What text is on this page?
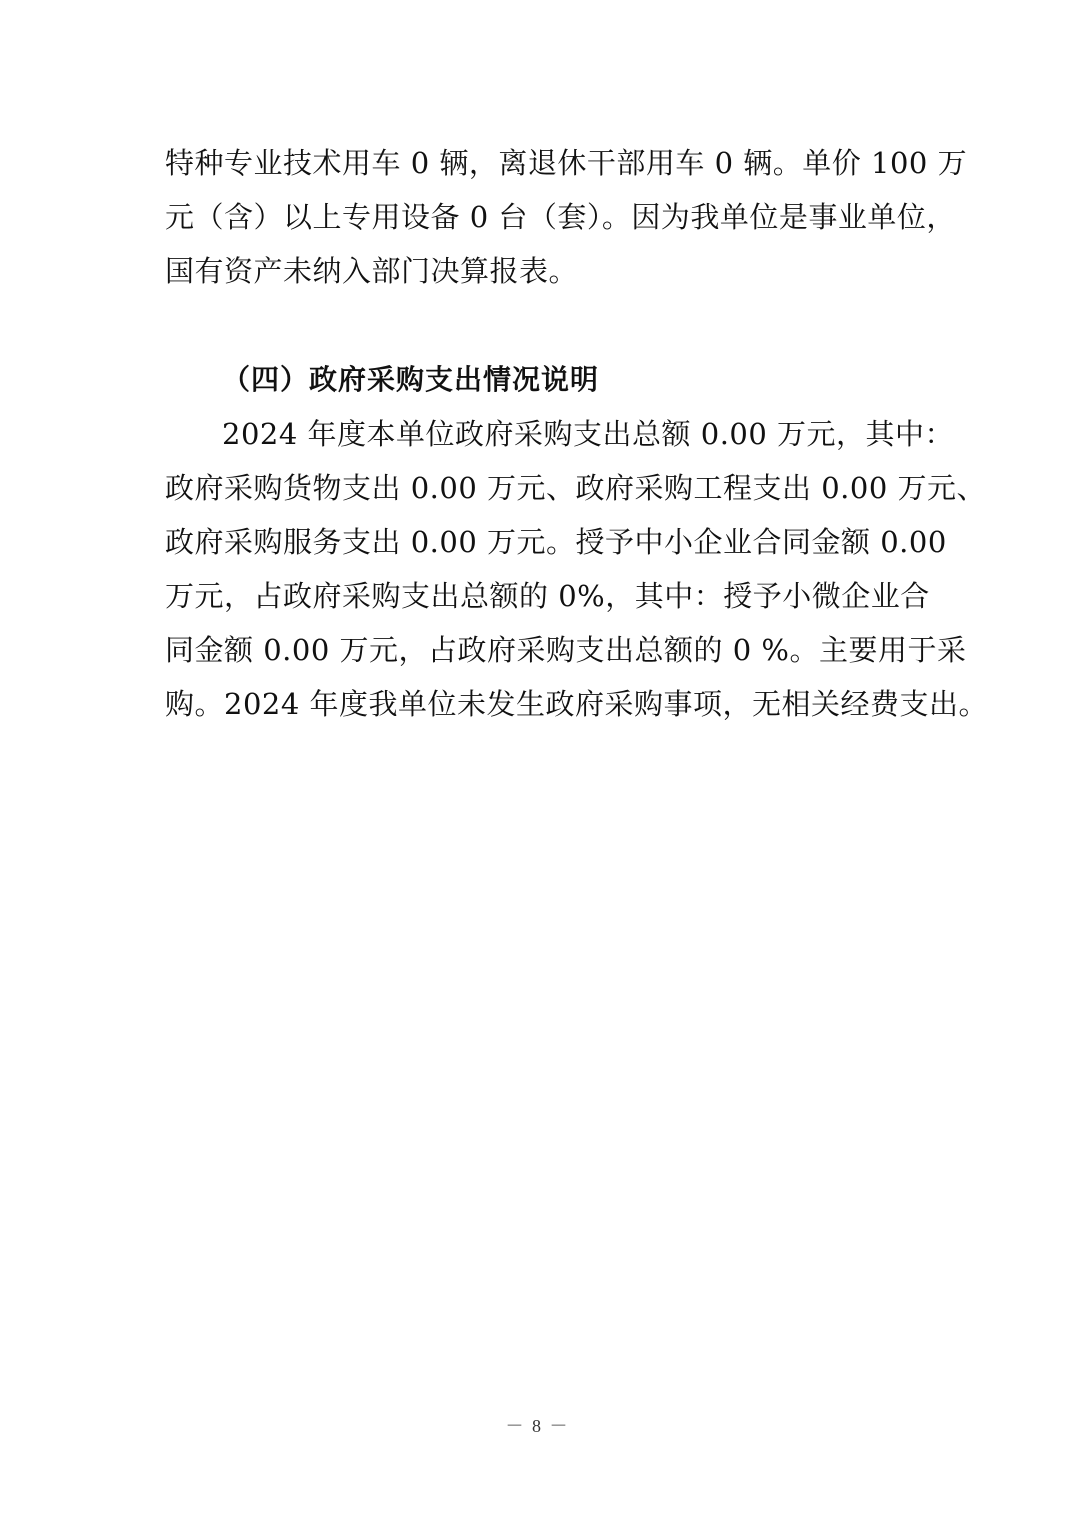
特种专业技术用车 0 辆，离退休干部用车 0 辆。单价 100 万
元（含）以上专用设备 0 台（套）。因为我单位是事业单位，
国有资产未纳入部门决算报表。
（四）政府采购支出情况说明
2024 年度本单位政府采购支出总额 0.00 万元，其中：
政府采购货物支出 0.00 万元、政府采购工程支出 0.00 万元、
政府采购服务支出 0.00 万元。授予中小企业合同金额 0.00
万元，占政府采购支出总额的 0%，其中：授予小微企业合
同金额 0.00 万元，占政府采购支出总额的 0 %。主要用于采
购。2024 年度我单位未发生政府采购事项，无相关经费支出。
－ 8 －
